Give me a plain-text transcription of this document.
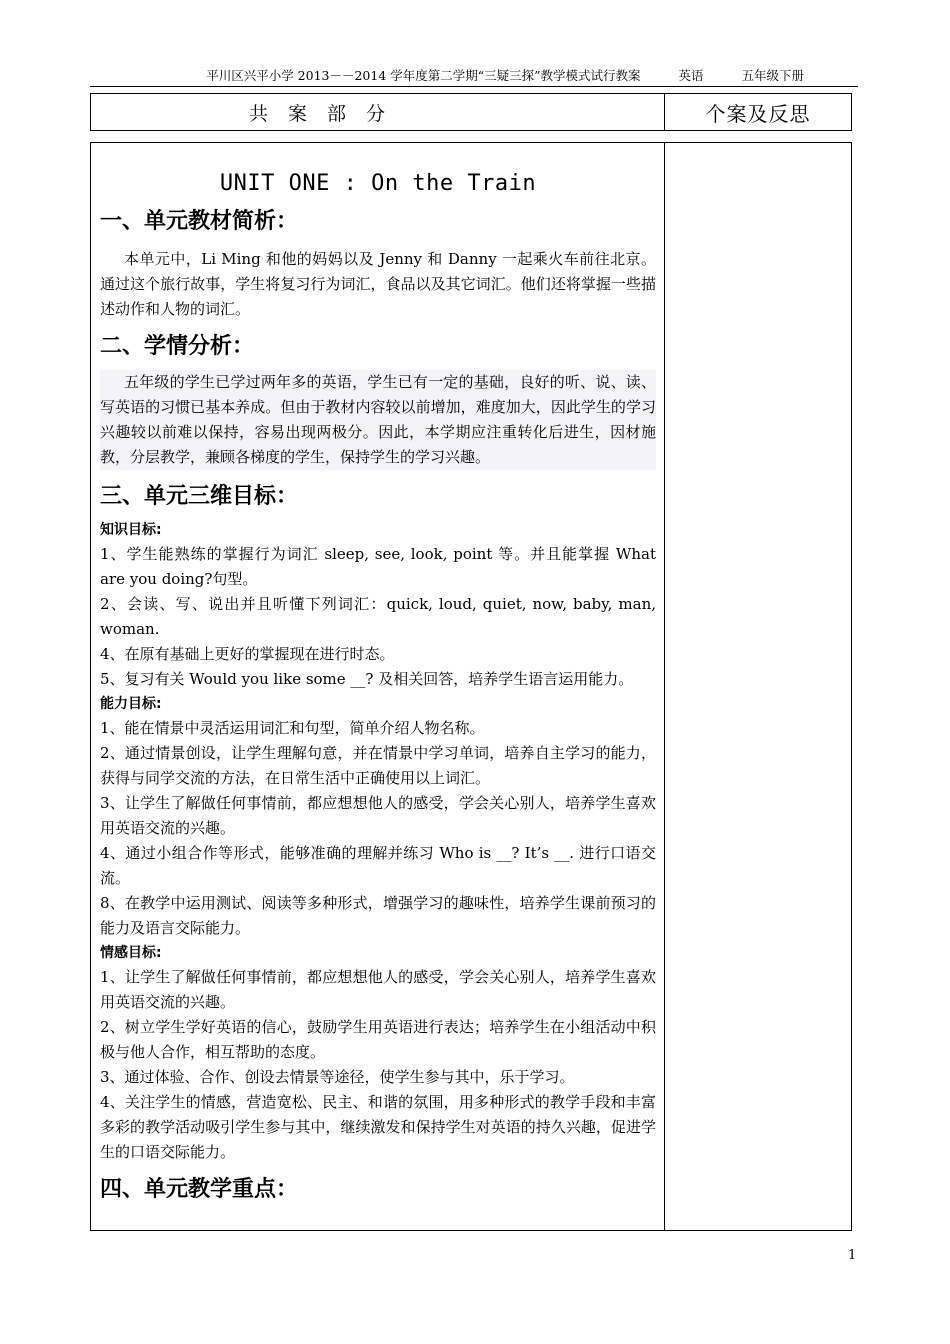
平川区兴平小学 2013－－2014 学年度第二学期“三疑三探”教学模式试行教案	英语	五年级下册
共案部分	个案及反思
UNIT ONE : On the Train
一、单元教材简析：

本单元中，Li Ming 和他的妈妈以及 Jenny 和 Danny 一起乘火车前往北京。通过这个旅行故事，学生将复习行为词汇，食品以及其它词汇。他们还将掌握一些描述动作和人物的词汇。

二、学情分析：

五年级的学生已学过两年多的英语，学生已有一定的基础，良好的听、说、读、写英语的习惯已基本养成。但由于教材内容较以前增加，难度加大，因此学生的学习兴趣较以前难以保持，容易出现两极分。因此，本学期应注重转化后进生，因材施教，分层教学，兼顾各梯度的学生，保持学生的学习兴趣。

三、单元三维目标：

知识目标:

1、学生能熟练的掌握行为词汇 sleep, see, look, point 等。并且能掌握 What are you doing?句型。

2、会读、写、说出并且听懂下列词汇：quick, loud, quiet, now, baby, man, woman.

4、在原有基础上更好的掌握现在进行时态。

5、复习有关 Would you like some __? 及相关回答，培养学生语言运用能力。

能力目标:

1、能在情景中灵活运用词汇和句型，简单介绍人物名称。

2、通过情景创设，让学生理解句意，并在情景中学习单词，培养自主学习的能力，获得与同学交流的方法，在日常生活中正确使用以上词汇。

3、让学生了解做任何事情前，都应想想他人的感受，学会关心别人，培养学生喜欢用英语交流的兴趣。

4、通过小组合作等形式，能够准确的理解并练习 Who is __? It’s __. 进行口语交流。

8、在教学中运用测试、阅读等多种形式，增强学习的趣味性，培养学生课前预习的能力及语言交际能力。

情感目标:

1、让学生了解做任何事情前，都应想想他人的感受，学会关心别人，培养学生喜欢用英语交流的兴趣。

2、树立学生学好英语的信心，鼓励学生用英语进行表达；培养学生在小组活动中积极与他人合作，相互帮助的态度。

3、通过体验、合作、创设去情景等途径，使学生参与其中，乐于学习。

4、关注学生的情感，营造宽松、民主、和谐的氛围，用多种形式的教学手段和丰富多彩的教学活动吸引学生参与其中，继续激发和保持学生对英语的持久兴趣，促进学生的口语交际能力。

四、单元教学重点：
1
